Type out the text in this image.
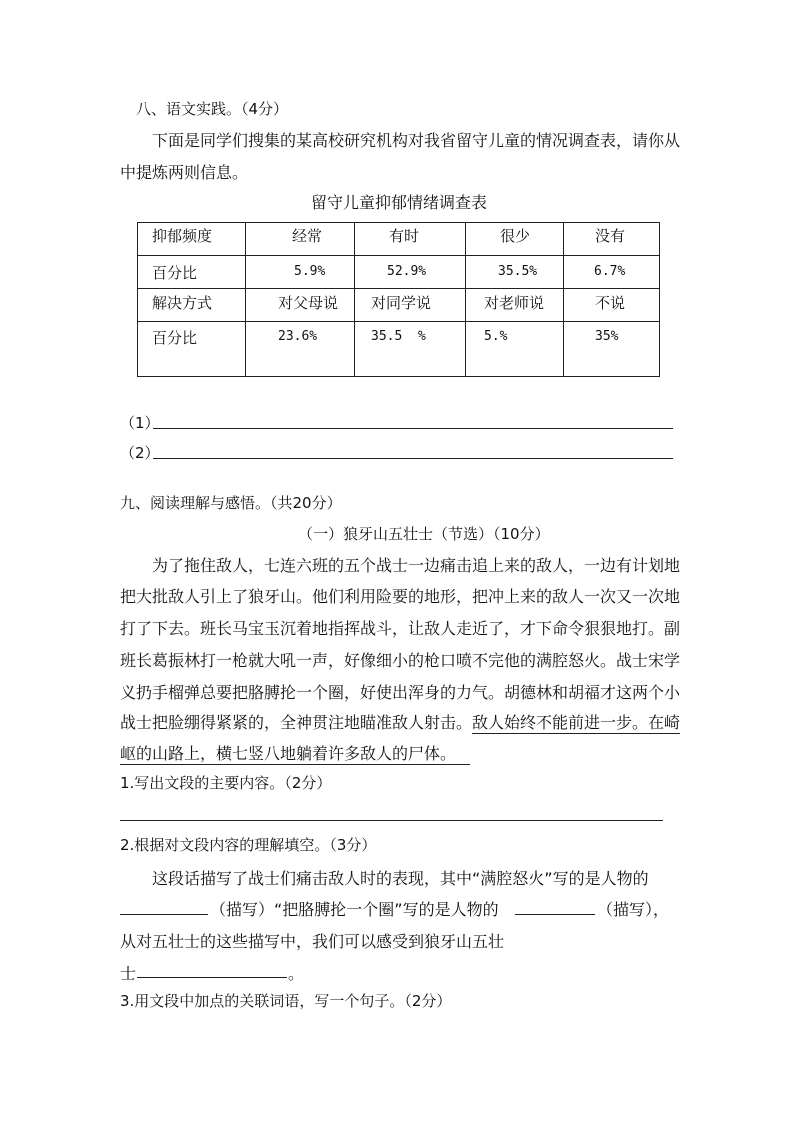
八、语文实践。（4分）
下面是同学们搜集的某高校研究机构对我省留守儿童的情况调查表，请你从
中提炼两则信息。
留守儿童抑郁情绪调查表
抑郁频度	经常	有时	很少	没有

百分比	5.9%	52.9%	35.5%	6.7%

解决方式	对父母说	对同学说	对老师说	不说

百分比	23.6%	35.5  %	5.%	35%
（1）
（2）
九、阅读理解与感悟。（共20分）
（一）狼牙山五壮士（节选）（10分）
为了拖住敌人，七连六班的五个战士一边痛击追上来的敌人，一边有计划地
把大批敌人引上了狼牙山。他们利用险要的地形，把冲上来的敌人一次又一次地
打了下去。班长马宝玉沉着地指挥战斗，让敌人走近了，才下命令狠狠地打。副
班长葛振林打一枪就大吼一声，好像细小的枪口喷不完他的满腔怒火。战士宋学
义扔手榴弹总要把胳膊抡一个圈，好使出浑身的力气。胡德林和胡福才这两个小
战士把脸绷得紧紧的，全神贯注地瞄准敌人射击。敌人始终不能前进一步。在崎
岖的山路上，横七竖八地躺着许多敌人的尸体。
1.写出文段的主要内容。（2分）
2.根据对文段内容的理解填空。（3分）
这段话描写了战士们痛击敌人时的表现，其中“满腔怒火”写的是人物的
（描写）“把胳膊抡一个圈”写的是人物的	（描写），
从对五壮士的这些描写中，我们可以感受到狼牙山五壮
士	。
3.用文段中加点的关联词语，写一个句子。（2分）
